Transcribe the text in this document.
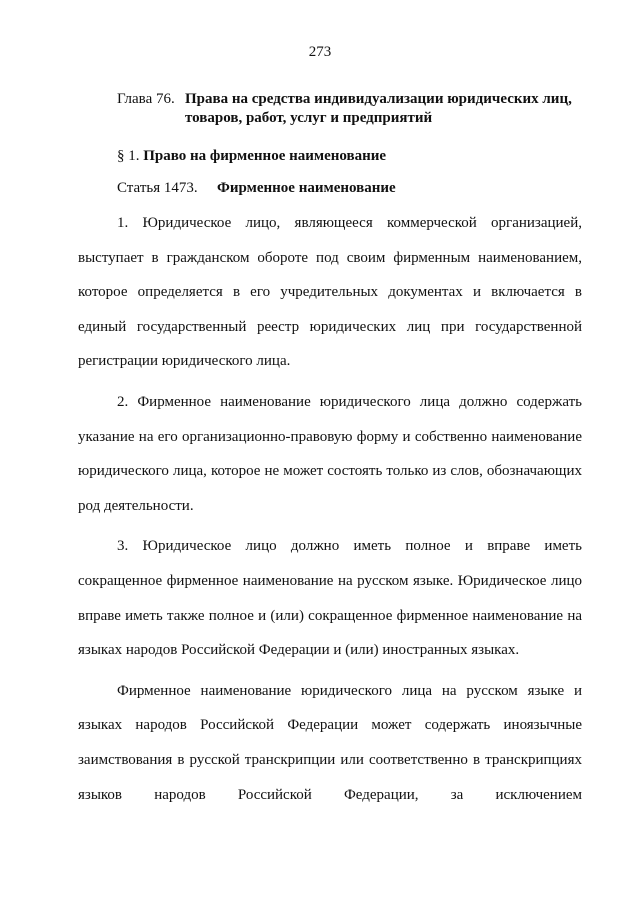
273
Глава 76. Права на средства индивидуализации юридических лиц, товаров, работ, услуг и предприятий
§ 1. Право на фирменное наименование
Статья 1473. Фирменное наименование

1. Юридическое лицо, являющееся коммерческой организацией, выступает в гражданском обороте под своим фирменным наименованием, которое определяется в его учредительных документах и включается в единый государственный реестр юридических лиц при государственной регистрации юридического лица.

2. Фирменное наименование юридического лица должно содержать указание на его организационно-правовую форму и собственно наименование юридического лица, которое не может состоять только из слов, обозначающих род деятельности.

3. Юридическое лицо должно иметь полное и вправе иметь сокращенное фирменное наименование на русском языке. Юридическое лицо вправе иметь также полное и (или) сокращенное фирменное наименование на языках народов Российской Федерации и (или) иностранных языках.

Фирменное наименование юридического лица на русском языке и языках народов Российской Федерации может содержать иноязычные заимствования в русской транскрипции или соответственно в транскрипциях языков народов Российской Федерации, за исключением
